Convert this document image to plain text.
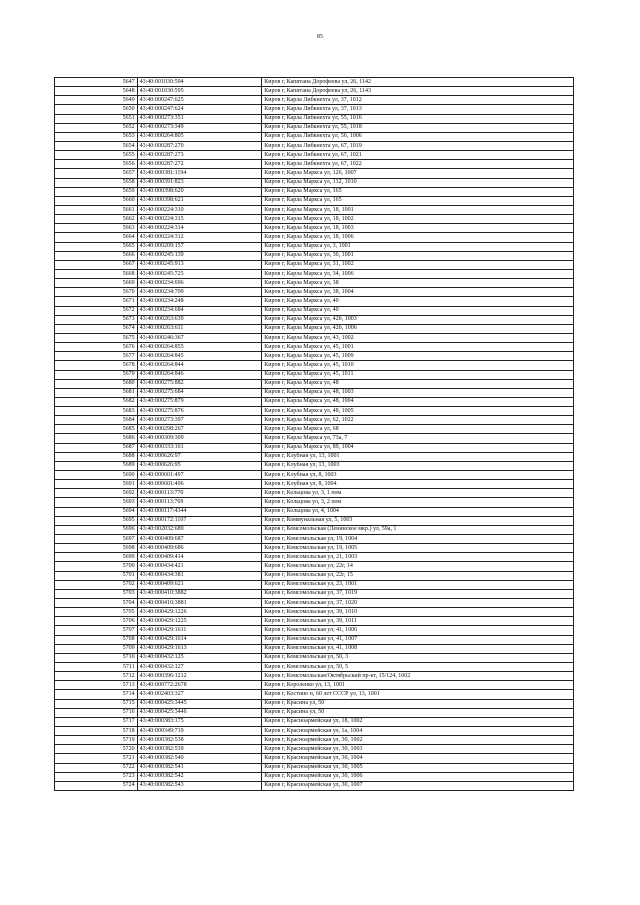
85
5647	43:40:001030:594	Киров г, Капитана Дорофеева ул, 26, 1142
5648	43:40:001030:595	Киров г, Капитана Дорофеева ул, 26, 1143
5649	43:40:000247:625	Киров г, Карла Либкнехта ул, 37, 1012
5650	43:40:000247:624	Киров г, Карла Либкнехта ул, 37, 1013
5651	43:40:000273:351	Киров г, Карла Либкнехта ул, 55, 1016
5652	43:40:000273:349	Киров г, Карла Либкнехта ул, 55, 1018
5653	43:40:000264:805	Киров г, Карла Либкнехта ул, 56, 1006
5654	43:40:000287:270	Киров г, Карла Либкнехта ул, 67, 1019
5655	43:40:000287:273	Киров г, Карла Либкнехта ул, 67, 1021
5656	43:40:000287:272	Киров г, Карла Либкнехта ул, 67, 1022
5657	43:40:000381:1194	Киров г, Карла Маркса ул, 126, 1007
5658	43:40:000391:823	Киров г, Карла Маркса ул, 132, 1010
5659	43:40:000398:620	Киров г, Карла Маркса ул, 165
5660	43:40:000398:621	Киров г, Карла Маркса ул, 165
5661	43:40:000224:310	Киров г, Карла Маркса ул, 18, 1001
5662	43:40:000224:315	Киров г, Карла Маркса ул, 18, 1002
5663	43:40:000224:314	Киров г, Карла Маркса ул, 18, 1003
5664	43:40:000224:312	Киров г, Карла Маркса ул, 18, 1006
5665	43:40:000209:157	Киров г, Карла Маркса ул, 3, 1001
5666	43:40:000245:139	Киров г, Карла Маркса ул, 30, 1001
5667	43:40:000245:913	Киров г, Карла Маркса ул, 31, 1002
5668	43:40:000245:725	Киров г, Карла Маркса ул, 34, 1006
5669	43:40:000234:696	Киров г, Карла Маркса ул, 38
5670	43:40:000234:709	Киров г, Карла Маркса ул, 38, 1004
5671	43:40:000234:248	Киров г, Карла Маркса ул, 40
5672	43:40:000234:684	Киров г, Карла Маркса ул, 40
5673	43:40:000263:639	Киров г, Карла Маркса ул, 42б, 1003
5674	43:40:000263:611	Киров г, Карла Маркса ул, 42б, 1006
5675	43:40:000246:367	Киров г, Карла Маркса ул, 43, 1002
5676	43:40:000264:855	Киров г, Карла Маркса ул, 45, 1001
5677	43:40:000264:845	Киров г, Карла Маркса ул, 45, 1009
5678	43:40:000264:844	Киров г, Карла Маркса ул, 45, 1010
5679	43:40:000264:846	Киров г, Карла Маркса ул, 45, 1011
5680	43:40:000275:882	Киров г, Карла Маркса ул, 48
5681	43:40:000275:684	Киров г, Карла Маркса ул, 48, 1003
5682	43:40:000275:879	Киров г, Карла Маркса ул, 48, 1004
5683	43:40:000275:876	Киров г, Карла Маркса ул, 48, 1005
5684	43:40:000273:397	Киров г, Карла Маркса ул, 62, 1022
5685	43:40:000298:267	Киров г, Карла Маркса ул, 68
5686	43:40:000309:309	Киров г, Карла Маркса ул, 73а, 7
5687	43:40:000333:161	Киров г, Карла Маркса ул, 89, 1004
5688	43:40:000626:97	Киров г, Клубная ул, 13, 1001
5689	43:40:000626:95	Киров г, Клубная ул, 13, 1003
5690	43:40:000601:497	Киров г, Клубная ул, 8, 1003
5691	43:40:000601:496	Киров г, Клубная ул, 8, 1004
5692	43:40:000113:770	Киров г, Кольцова ул, 3, 1 пом
5693	43:40:000113:769	Киров г, Кольцова ул, 3, 2 пом
5694	43:40:000117:4344	Киров г, Кольцова ул, 4, 1004
5695	43:40:000172:1107	Киров г, Коммунальная ул, 5, 1003
5696	43:40:002032:689	Киров г, Комсомольская (Ленинское мкр.) ул, 59а, 1
5697	43:40:000409:687	Киров г, Комсомольская ул, 19, 1004
5698	43:40:000409:686	Киров г, Комсомольская ул, 19, 1005
5699	43:40:000409:414	Киров г, Комсомольская ул, 21, 1003
5700	43:40:000434:421	Киров г, Комсомольская ул, 22г, 14
5701	43:40:000434:381	Киров г, Комсомольская ул, 22г, 15
5702	43:40:000409:621	Киров г, Комсомольская ул, 23, 1001
5703	43:40:000410:3882	Киров г, Комсомольская ул, 37, 1019
5704	43:40:000410:3881	Киров г, Комсомольская ул, 37, 1020
5705	43:40:000429:1226	Киров г, Комсомольская ул, 39, 1010
5706	43:40:000429:1225	Киров г, Комсомольская ул, 39, 1011
5707	43:40:000429:1611	Киров г, Комсомольская ул, 41, 1006
5708	43:40:000429:1614	Киров г, Комсомольская ул, 41, 1007
5709	43:40:000429:1613	Киров г, Комсомольская ул, 41, 1008
5710	43:40:000432:125	Киров г, Комсомольская ул, 50, 3
5711	43:40:000432:127	Киров г, Комсомольская ул, 50, 5
5712	43:40:000396:1212	Киров г, Комсомольская/Октябрьский пр-кт, 15/124, 1002
5713	43:40:000772:2678	Киров г, Короленко ул, 13, 1001
5714	43:40:002403:327	Киров г, Костино п, 60 лет СССР ул, 13, 1001
5715	43:40:000425:3445	Киров г, Красина ул, 50
5716	43:40:000425:3446	Киров г, Красина ул, 50
5717	43:40:000383:175	Киров г, Красноармейская ул, 18, 1002
5718	43:40:000349:719	Киров г, Красноармейская ул, 1а, 1004
5719	43:40:000382:538	Киров г, Красноармейская ул, 30, 1002
5720	43:40:000382:539	Киров г, Красноармейская ул, 30, 1003
5721	43:40:000382:540	Киров г, Красноармейская ул, 30, 1004
5722	43:40:000382:541	Киров г, Красноармейская ул, 30, 1005
5723	43:40:000382:542	Киров г, Красноармейская ул, 30, 1006
5724	43:40:000382:543	Киров г, Красноармейская ул, 30, 1007
